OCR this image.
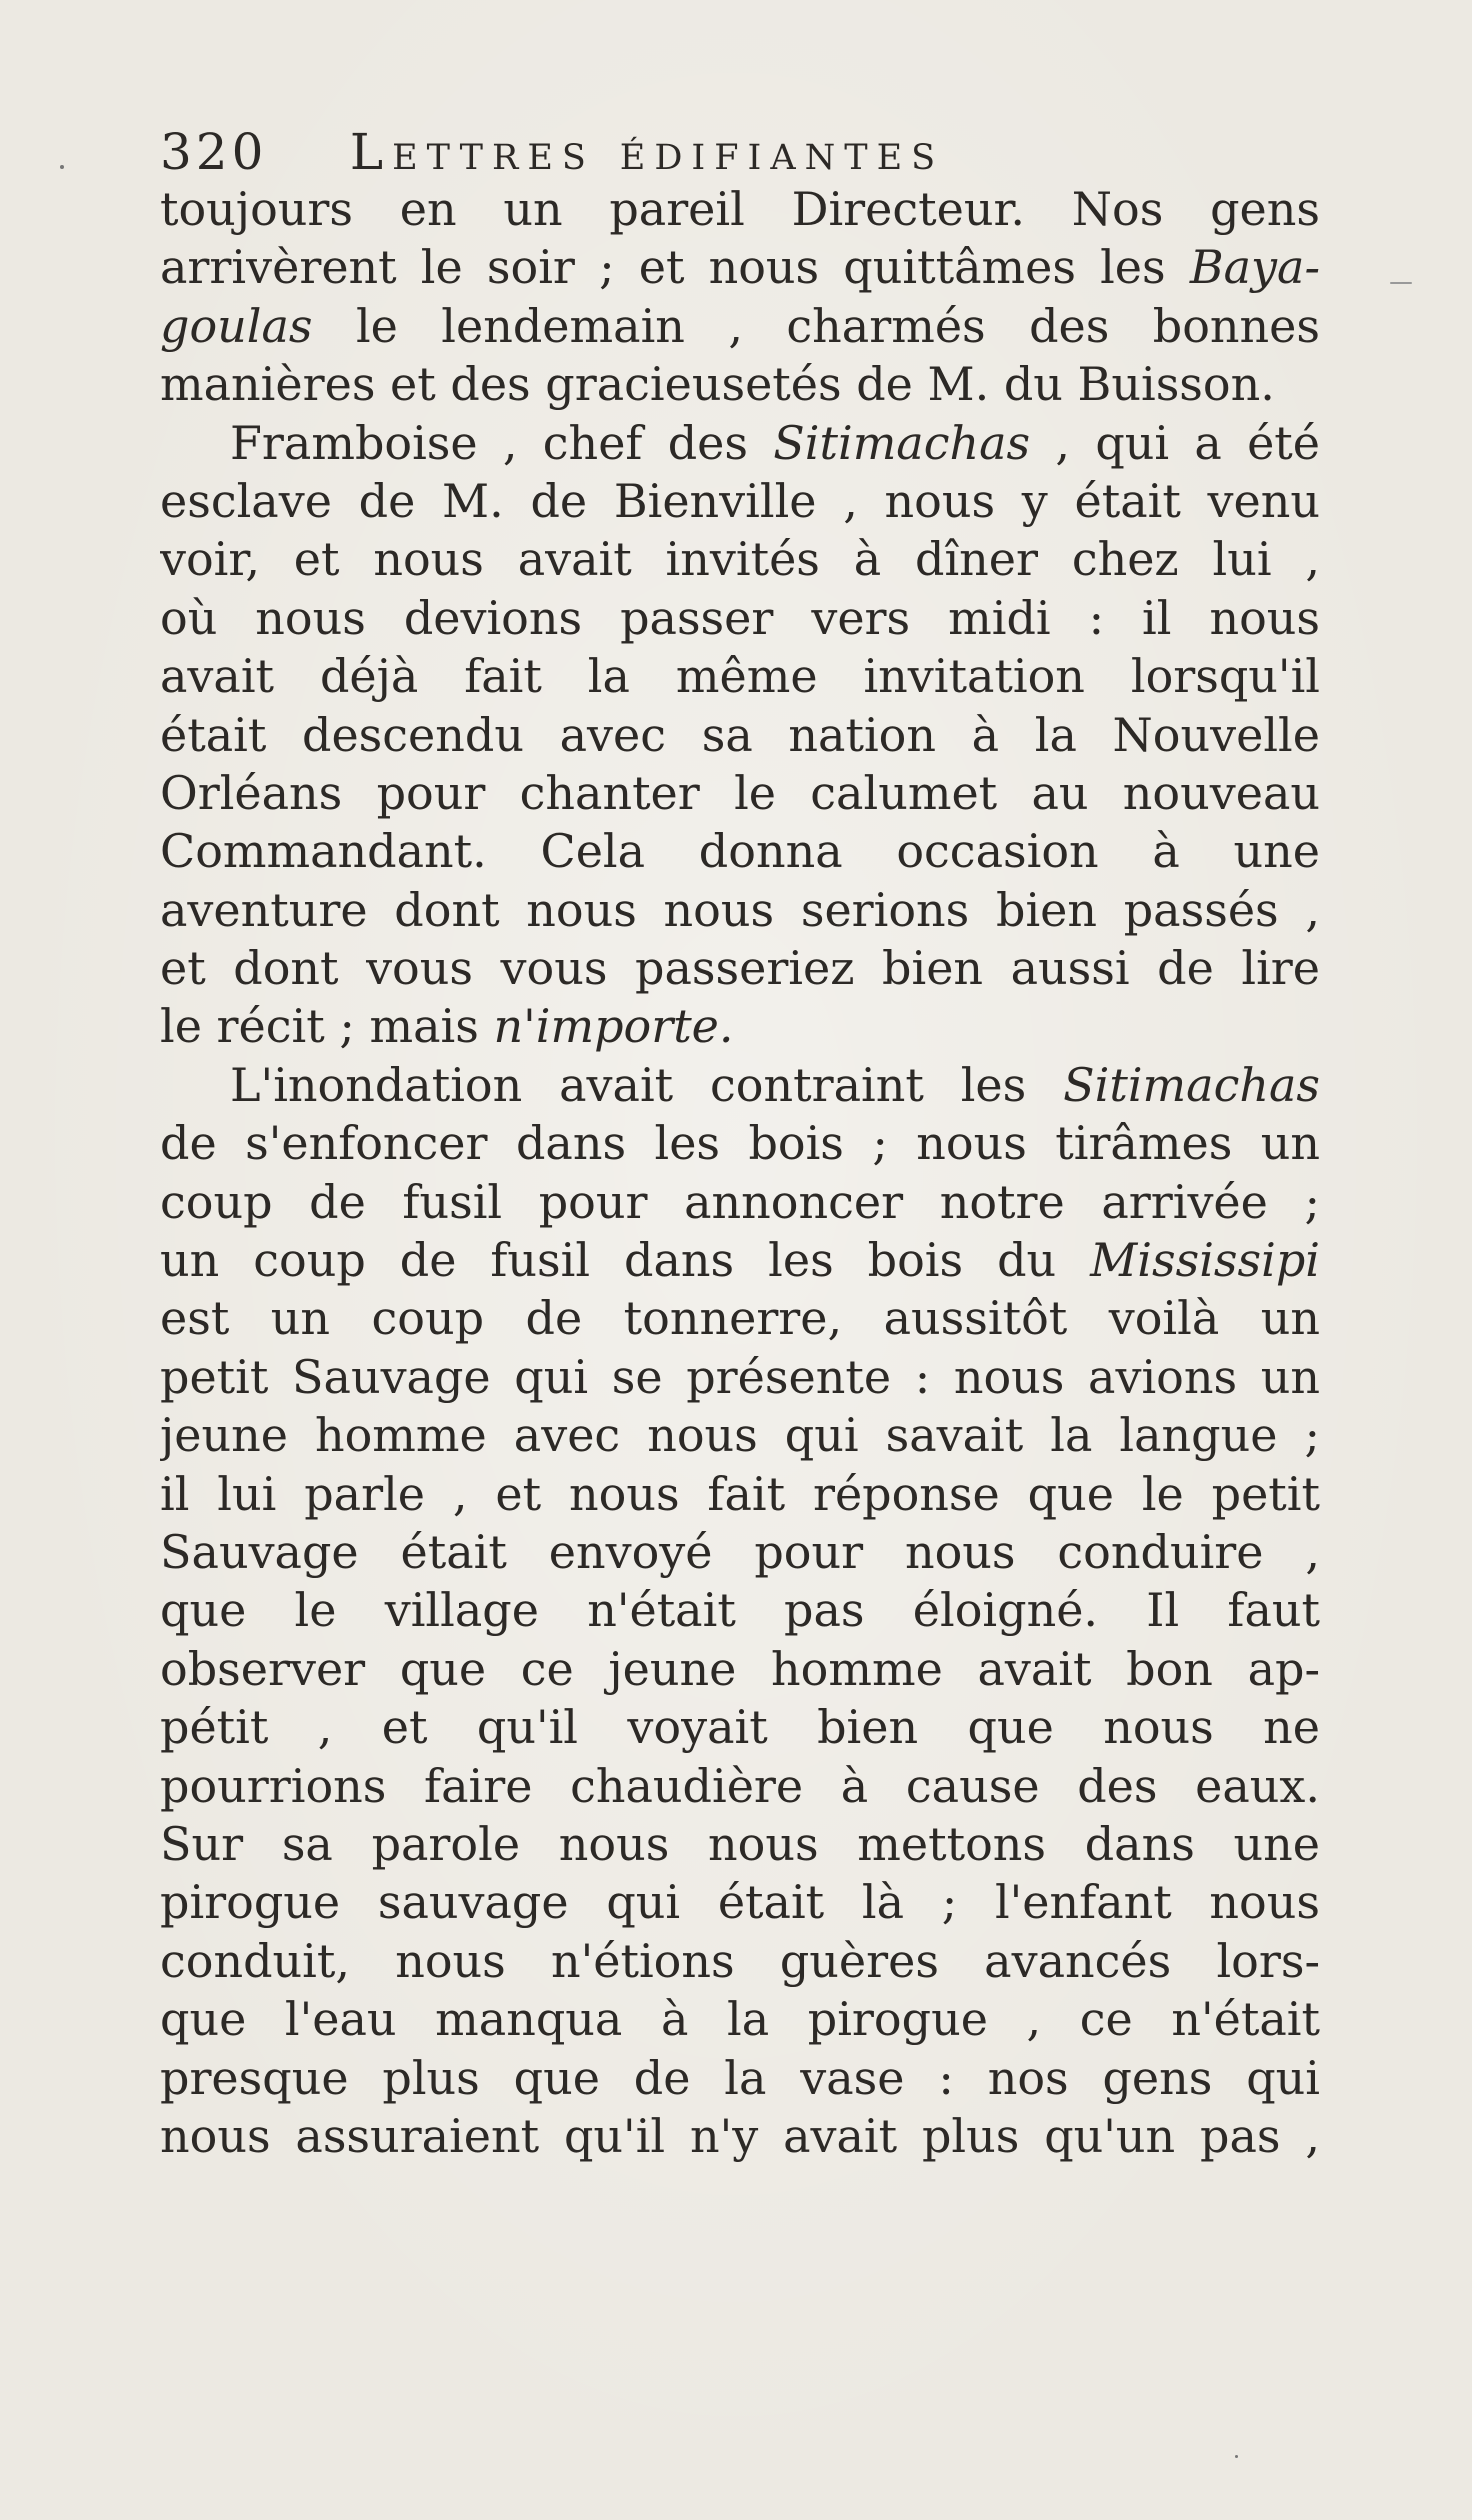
320 Lettres édifiantes
toujours en un pareil Directeur. Nos gens
arrivèrent le soir ; et nous quittâmes les Baya-
goulas le lendemain , charmés des bonnes
manières et des gracieusetés de M. du Buisson.
Framboise , chef des Sitimachas , qui a été
esclave de M. de Bienville , nous y était venu
voir, et nous avait invités à dîner chez lui ,
où nous devions passer vers midi : il nous
avait déjà fait la même invitation lorsqu'il
était descendu avec sa nation à la Nouvelle
Orléans pour chanter le calumet au nouveau
Commandant. Cela donna occasion à une
aventure dont nous nous serions bien passés ,
et dont vous vous passeriez bien aussi de lire
le récit ; mais n'importe.
L'inondation avait contraint les Sitimachas
de s'enfoncer dans les bois ; nous tirâmes un
coup de fusil pour annoncer notre arrivée ;
un coup de fusil dans les bois du Mississipi
est un coup de tonnerre, aussitôt voilà un
petit Sauvage qui se présente : nous avions un
jeune homme avec nous qui savait la langue ;
il lui parle , et nous fait réponse que le petit
Sauvage était envoyé pour nous conduire ,
que le village n'était pas éloigné. Il faut
observer que ce jeune homme avait bon ap-
pétit , et qu'il voyait bien que nous ne
pourrions faire chaudière à cause des eaux.
Sur sa parole nous nous mettons dans une
pirogue sauvage qui était là ; l'enfant nous
conduit, nous n'étions guères avancés lors-
que l'eau manqua à la pirogue , ce n'était
presque plus que de la vase : nos gens qui
nous assuraient qu'il n'y avait plus qu'un pas ,
